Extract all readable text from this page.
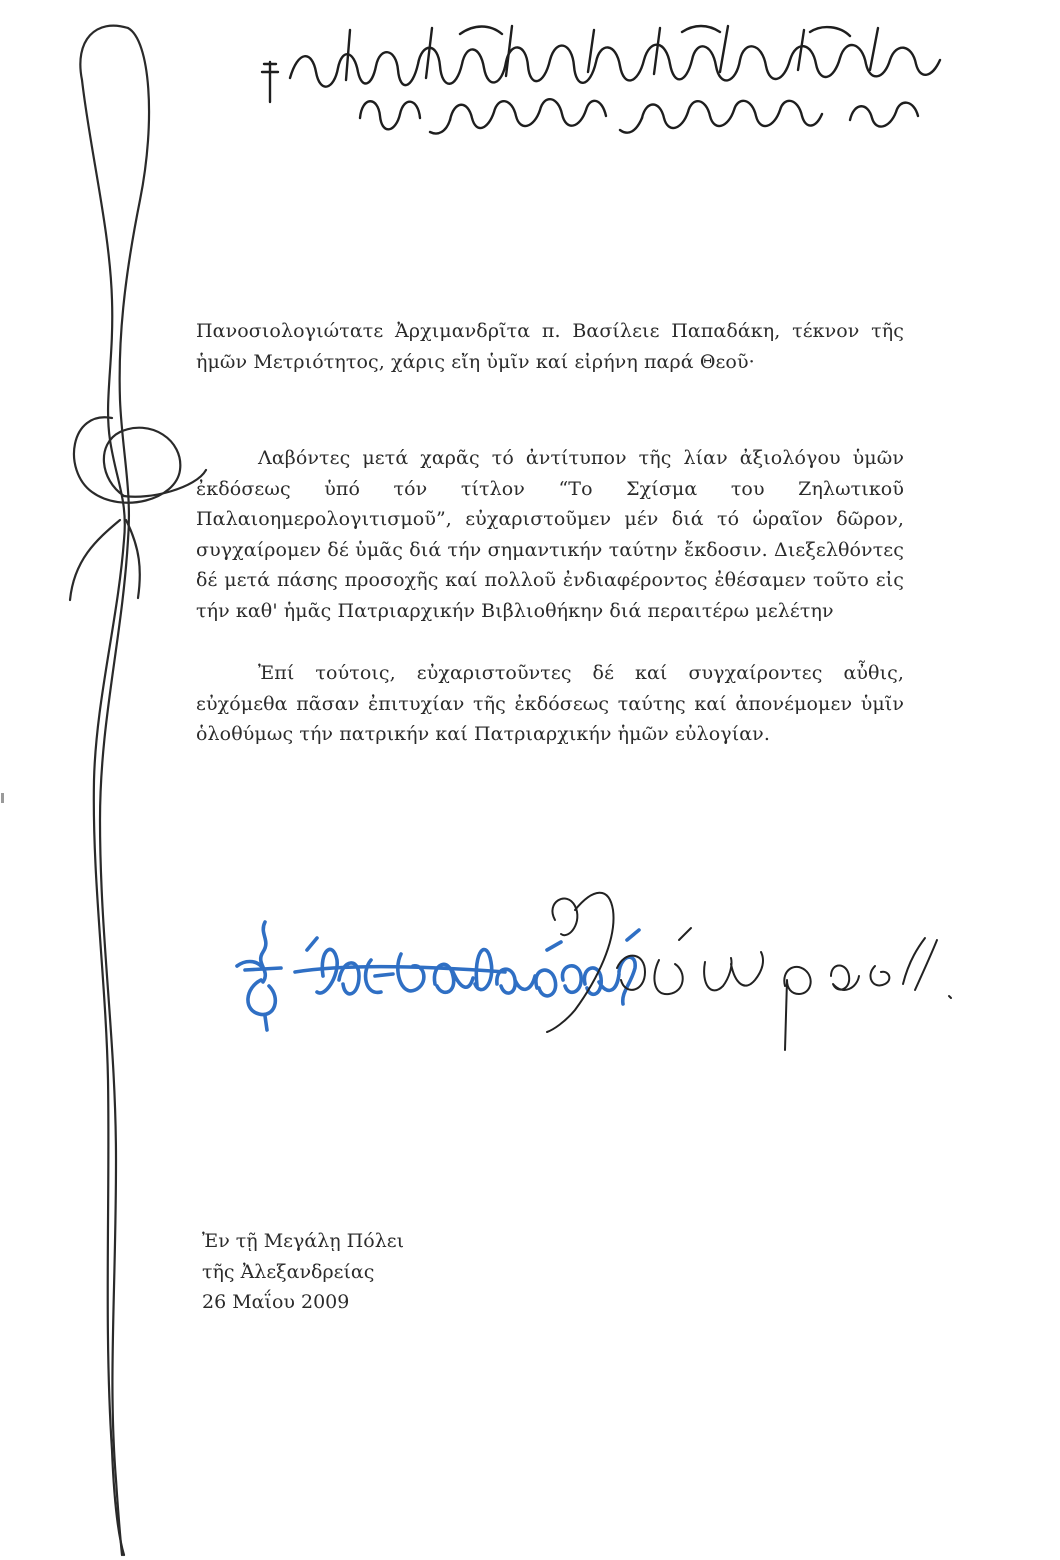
Πανοσιολογιώτατε Ἀρχιμανδρῖτα π. Βασίλειε Παπαδάκη, τέκνον τῆς ἡμῶν Μετριότητος, χάρις εἴη ὑμῖν καί εἰρήνη παρά Θεοῦ·

Λαβόντες μετά χαρᾶς τό ἀντίτυπον τῆς λίαν ἀξιολόγου ὑμῶν ἐκδόσεως ὑπό τόν τίτλον “Το Σχίσμα του Ζηλωτικοῦ Παλαιοημερολογιτισμοῦ”, εὐχαριστοῦμεν μέν διά τό ὡραῖον δῶρον, συγχαίρομεν δέ ὑμᾶς διά τήν σημαντικήν ταύτην ἔκδοσιν. Διεξελθόντες δέ μετά πάσης προσοχῆς καί πολλοῦ ἐνδιαφέροντος ἐθέσαμεν τοῦτο εἰς τήν καθ' ἡμᾶς Πατριαρχικήν Βιβλιοθήκην διά περαιτέρω μελέτην

Ἐπί τούτοις, εὐχαριστοῦντες δέ καί συγχαίροντες αὖθις, εὐχόμεθα πᾶσαν ἐπιτυχίαν τῆς ἐκδόσεως ταύτης καί ἀπονέμομεν ὑμῖν ὁλοθύμως τήν πατρικήν καί Πατριαρχικήν ἡμῶν εὐλογίαν.

Ἐν τῇ Μεγάλῃ Πόλει
τῆς Ἀλεξανδρείας
26 Μαΐου 2009
